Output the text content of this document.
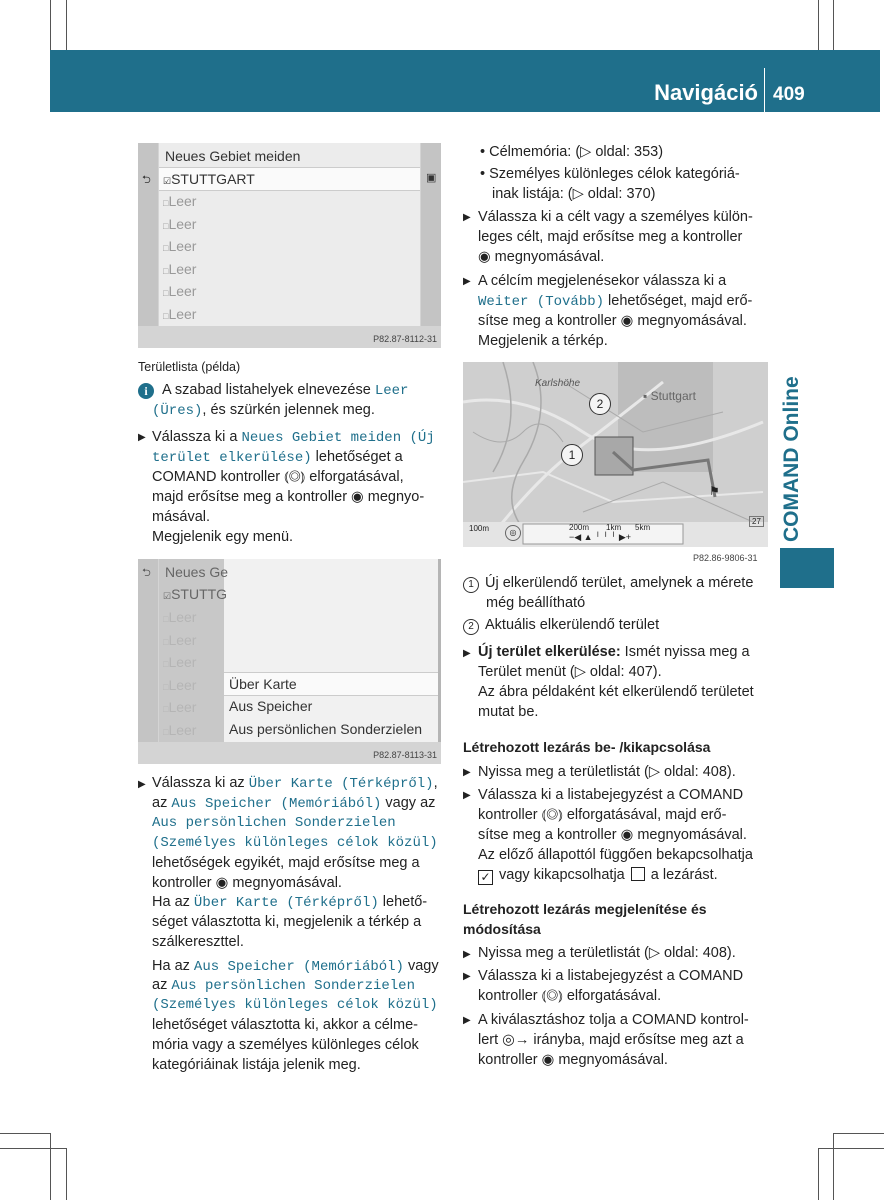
Navigáció 409
COMAND Online
Neues Gebiet meiden
⮌ ☑STUTTGART	▣
□Leer
□Leer
□Leer
□Leer
□Leer
□Leer
P82.87-8112-31
Területlista (példa)
i A szabad listahelyek elnevezése Leer
(Üres), és szürkén jelennek meg.
▶ Válassza ki a Neues Gebiet meiden (Új
terület elkerülése) lehetőséget a
COMAND kontroller ⦅◎⦆ elforgatásával,
majd erősítse meg a kontroller ◉ megnyo-
másával.
Megjelenik egy menü.
⮌ Neues Ge
☑STUTTG
□Leer
□Leer
□Leer
□Leer
□Leer
□Leer
Über Karte
Aus Speicher
Aus persönlichen Sonderzielen
P82.87-8113-31
▶ Válassza ki az Über Karte (Térképről),
az Aus Speicher (Memóriából) vagy az
Aus persönlichen Sonderzielen
(Személyes különleges célok közül)
lehetőségek egyikét, majd erősítse meg a
kontroller ◉ megnyomásával.
Ha az Über Karte (Térképről) lehető-
séget választotta ki, megjelenik a térkép a
szálkereszttel.
Ha az Aus Speicher (Memóriából) vagy
az Aus persönlichen Sonderzielen
(Személyes különleges célok közül)
lehetőséget választotta ki, akkor a célme-
mória vagy a személyes különleges célok
kategóriáinak listája jelenik meg.
• Célmemória: (▷ oldal: 353)
• Személyes különleges célok kategóriá-
inak listája: (▷ oldal: 370)
▶ Válassza ki a célt vagy a személyes külön-
leges célt, majd erősítse meg a kontroller
◉ megnyomásával.
▶ A célcím megjelenésekor válassza ki a
Weiter (Tovább) lehetőséget, majd erő-
sítse meg a kontroller ◉ megnyomásával.
Megjelenik a térkép.
Karlshöhe
▪ Stuttgart
2
1
100m	◎
200m 1km 5km
−◀ ▲ ╵ ╵ ╵ ▶+
27
⚑
P82.86-9806-31
1 Új elkerülendő terület, amelynek a mérete
még beállítható
2 Aktuális elkerülendő terület
▶ Új terület elkerülése: Ismét nyissa meg a
Terület menüt (▷ oldal: 407).
Az ábra példaként két elkerülendő területet
mutat be.
Létrehozott lezárás be- /kikapcsolása
▶ Nyissa meg a területlistát (▷ oldal: 408).
▶ Válassza ki a listabejegyzést a COMAND
kontroller ⦅◎⦆ elforgatásával, majd erő-
sítse meg a kontroller ◉ megnyomásával.
Az előző állapottól függően bekapcsolhatja
✓ vagy kikapcsolhatja a lezárást.
Létrehozott lezárás megjelenítése és
módosítása
▶ Nyissa meg a területlistát (▷ oldal: 408).
▶ Válassza ki a listabejegyzést a COMAND
kontroller ⦅◎⦆ elforgatásával.
▶ A kiválasztáshoz tolja a COMAND kontrol-
lert ◎→ irányba, majd erősítse meg azt a
kontroller ◉ megnyomásával.
